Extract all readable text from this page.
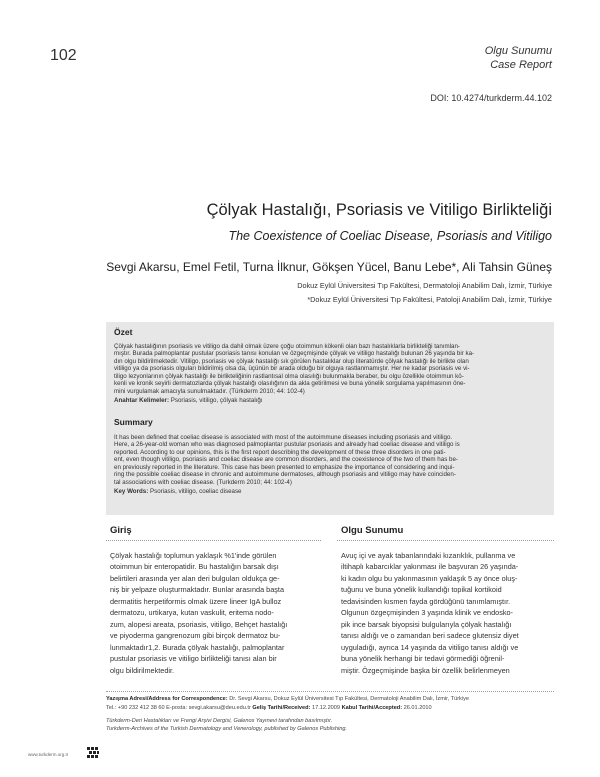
102	Olgu Sunumu
Case Report
DOI: 10.4274/turkderm.44.102
Çölyak Hastalığı, Psoriasis ve Vitiligo Birlikteliği
The Coexistence of Coeliac Disease, Psoriasis and Vitiligo
Sevgi Akarsu, Emel Fetil, Turna İlknur, Gökşen Yücel, Banu Lebe*, Ali Tahsin Güneş
Dokuz Eylül Üniversitesi Tıp Fakültesi, Dermatoloji Anabilim Dalı, İzmir, Türkiye
*Dokuz Eylül Üniversitesi Tıp Fakültesi, Patoloji Anabilim Dalı, İzmir, Türkiye
Özet
Çölyak hastalığının psoriasis ve vitiligo da dahil olmak üzere çoğu otoimmun kökenli olan bazı hastalıklarla birlikteliği tanımlan-
mıştır. Burada palmoplantar pustular psoriasis tanısı konulan ve özgeçmişinde çölyak ve vitiligo hastalığı bulunan 26 yaşında bir ka-
dın olgu bildirilmektedir. Vitiligo, psoriasis ve çölyak hastalığı sık görülen hastalıklar olup literatürde çölyak hastalığı ile birlikte olan
vitiligo ya da psoriasis olguları bildirilmiş olsa da, üçünün bir arada olduğu bir olguya rastlanmamıştır. Her ne kadar psoriasis ve vi-
tiligo lezyonlarının çölyak hastalığı ile birlikteliğinin rastlantısal olma olasılığı bulunmakla beraber, bu olgu özellikle otoimmun kö-
kenli ve kronik seyirli dermatozlarda çölyak hastalığı olasılığının da akla getirilmesi ve buna yönelik sorgulama yapılmasının öne-
mini vurgulamak amacıyla sunulmaktadır. (Türkderm 2010; 44: 102-4)
Anahtar Kelimeler: Psoriasis, vitiligo, çölyak hastalığı
Summary
It has been defined that coeliac disease is associated with most of the autoimmune diseases including psoriasis and vitiligo.
Here, a 26-year-old woman who was diagnosed palmoplantar pustular psoriasis and already had coeliac disease and vitiligo is
reported. According to our opinions, this is the first report describing the development of these three disorders in one pati-
ent, even though vitiligo, psoriasis and coeliac disease are common disorders, and the coexistence of the two of them has be-
en previously reported in the literature. This case has been presented to emphasize the importance of considering and inqui-
ring the possible coeliac disease in chronic and autoimmune dermatoses, although psoriasis and vitiligo may have coinciden-
tal associations with coeliac disease. (Turkderm 2010; 44: 102-4)
Key Words: Psoriasis, vitiligo, coeliac disease
Giriş
Çölyak hastalığı toplumun yaklaşık %1'inde görülen
otoimmun bir enteropatidir. Bu hastalığın barsak dışı
belirtileri arasında yer alan deri bulguları oldukça ge-
niş bir yelpaze oluşturmaktadır. Bunlar arasında başta
dermatitis herpetiformis olmak üzere lineer IgA bulloz
dermatozu, urtikarya, kutan vaskulit, eritema nodo-
zum, alopesi areata, psoriasis, vitiligo, Behçet hastalığı
ve piyoderma gangrenozum gibi birçok dermatoz bu-
lunmaktadır1,2. Burada çölyak hastalığı, palmoplantar
pustular psoriasis ve vitiligo birlikteliği tanısı alan bir
olgu bildirilmektedir.
Olgu Sunumu
Avuç içi ve ayak tabanlarındaki kızarıklık, pullanma ve
iltihaplı kabarcıklar yakınması ile başvuran 26 yaşında-
ki kadın olgu bu yakınmasının yaklaşık 5 ay önce oluş-
tuğunu ve buna yönelik kullandığı topikal kortikoid
tedavisinden kısmen fayda gördüğünü tanımlamıştır.
Olgunun özgeçmişinden 3 yaşında klinik ve endosko-
pik ince barsak biyopsisi bulgularıyla çölyak hastalığı
tanısı aldığı ve o zamandan beri sadece glutensiz diyet
uyguladığı, ayrıca 14 yaşında da vitiligo tanısı aldığı ve
buna yönelik herhangi bir tedavi görmediği öğrenil-
miştir. Özgeçmişinde başka bir özellik belirlenmeyen
Yazışma Adresi/Address for Correspondence: Dr. Sevgi Akarsu, Dokuz Eylül Üniversitesi Tıp Fakültesi, Dermatoloji Anabilim Dalı, İzmir, Türkiye
Tel.: +90 232 412 38 60 E-posta: sevgi.akarsu@deu.edu.tr Geliş Tarihi/Received: 17.12.2009 Kabul Tarihi/Accepted: 26.01.2010
Türkderm-Deri Hastalıkları ve Frengi Arşivi Dergisi, Galenos Yayınevi tarafından basılmıştır.
Turkderm-Archives of the Turkish Dermatology and Venerology, published by Galenos Publishing.
www.turkderm.org.tr
